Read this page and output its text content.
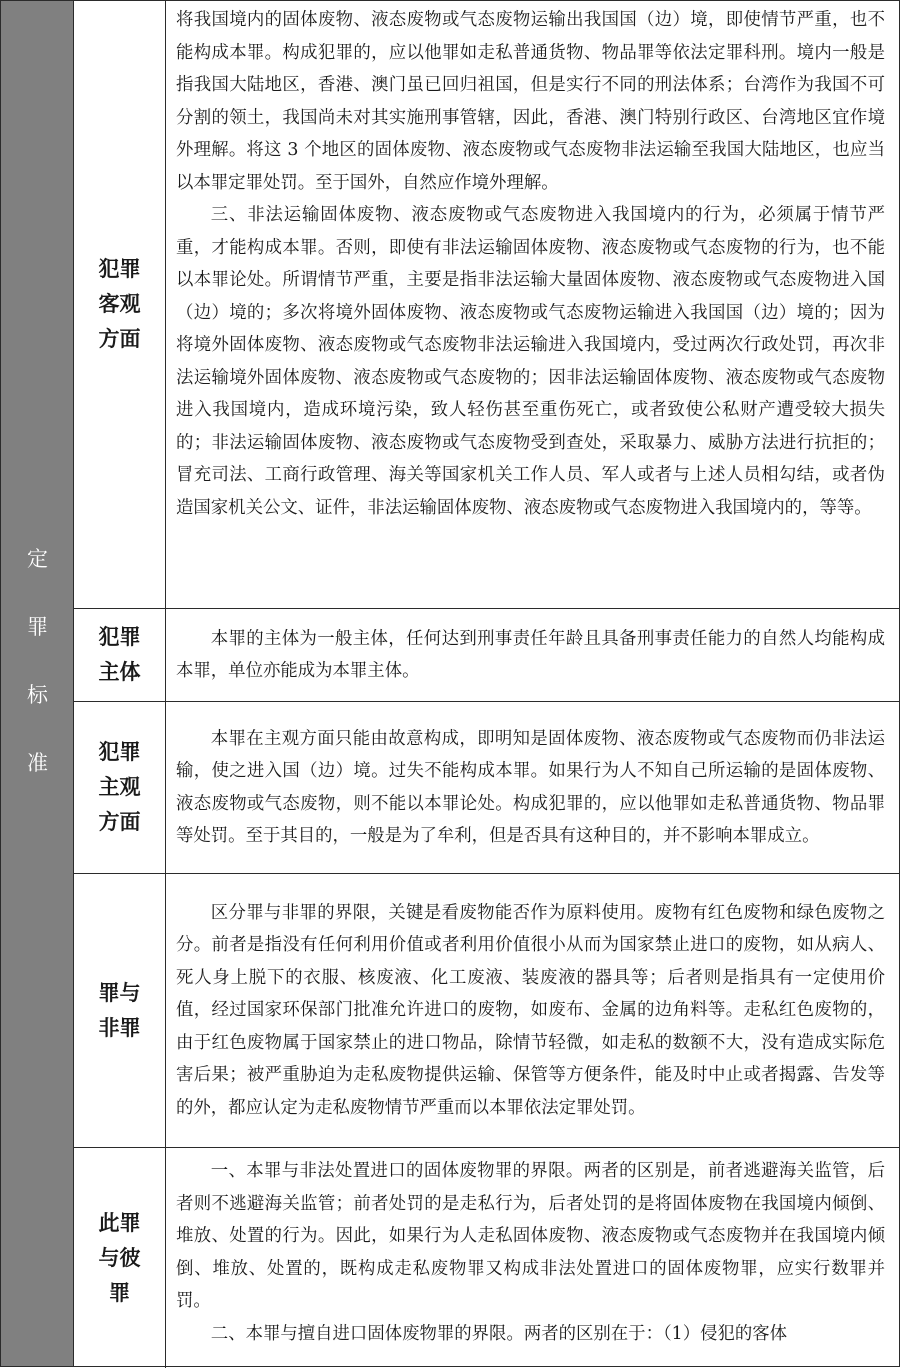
定
罪
标
准
犯罪客观方面

将我国境内的固体废物、液态废物或气态废物运输出我国国（边）境，即使情节严重，也不能构成本罪。构成犯罪的，应以他罪如走私普通货物、物品罪等依法定罪科刑。境内一般是指我国大陆地区，香港、澳门虽已回归祖国，但是实行不同的刑法体系；台湾作为我国不可分割的领土，我国尚未对其实施刑事管辖，因此，香港、澳门特别行政区、台湾地区宜作境外理解。将这 3 个地区的固体废物、液态废物或气态废物非法运输至我国大陆地区，也应当以本罪定罪处罚。至于国外，自然应作境外理解。

三、非法运输固体废物、液态废物或气态废物进入我国境内的行为，必须属于情节严重，才能构成本罪。否则，即使有非法运输固体废物、液态废物或气态废物的行为，也不能以本罪论处。所谓情节严重，主要是指非法运输大量固体废物、液态废物或气态废物进入国（边）境的；多次将境外固体废物、液态废物或气态废物运输进入我国国（边）境的；因为将境外固体废物、液态废物或气态废物非法运输进入我国境内，受过两次行政处罚，再次非法运输境外固体废物、液态废物或气态废物的；因非法运输固体废物、液态废物或气态废物进入我国境内，造成环境污染，致人轻伤甚至重伤死亡，或者致使公私财产遭受较大损失的；非法运输固体废物、液态废物或气态废物受到查处，采取暴力、威胁方法进行抗拒的；冒充司法、工商行政管理、海关等国家机关工作人员、军人或者与上述人员相勾结，或者伪造国家机关公文、证件，非法运输固体废物、液态废物或气态废物进入我国境内的，等等。

犯罪主体

本罪的主体为一般主体，任何达到刑事责任年龄且具备刑事责任能力的自然人均能构成本罪，单位亦能成为本罪主体。

犯罪主观方面

本罪在主观方面只能由故意构成，即明知是固体废物、液态废物或气态废物而仍非法运输，使之进入国（边）境。过失不能构成本罪。如果行为人不知自己所运输的是固体废物、液态废物或气态废物，则不能以本罪论处。构成犯罪的，应以他罪如走私普通货物、物品罪等处罚。至于其目的，一般是为了牟利，但是否具有这种目的，并不影响本罪成立。

罪与非罪

区分罪与非罪的界限，关键是看废物能否作为原料使用。废物有红色废物和绿色废物之分。前者是指没有任何利用价值或者利用价值很小从而为国家禁止进口的废物，如从病人、死人身上脱下的衣服、核废液、化工废液、装废液的器具等；后者则是指具有一定使用价值，经过国家环保部门批准允许进口的废物，如废布、金属的边角料等。走私红色废物的，由于红色废物属于国家禁止的进口物品，除情节轻微，如走私的数额不大，没有造成实际危害后果；被严重胁迫为走私废物提供运输、保管等方便条件，能及时中止或者揭露、告发等的外，都应认定为走私废物情节严重而以本罪依法定罪处罚。

此罪与彼罪

一、本罪与非法处置进口的固体废物罪的界限。两者的区别是，前者逃避海关监管，后者则不逃避海关监管；前者处罚的是走私行为，后者处罚的是将固体废物在我国境内倾倒、堆放、处置的行为。因此，如果行为人走私固体废物、液态废物或气态废物并在我国境内倾倒、堆放、处置的，既构成走私废物罪又构成非法处置进口的固体废物罪，应实行数罪并罚。

二、本罪与擅自进口固体废物罪的界限。两者的区别在于：（1）侵犯的客体
